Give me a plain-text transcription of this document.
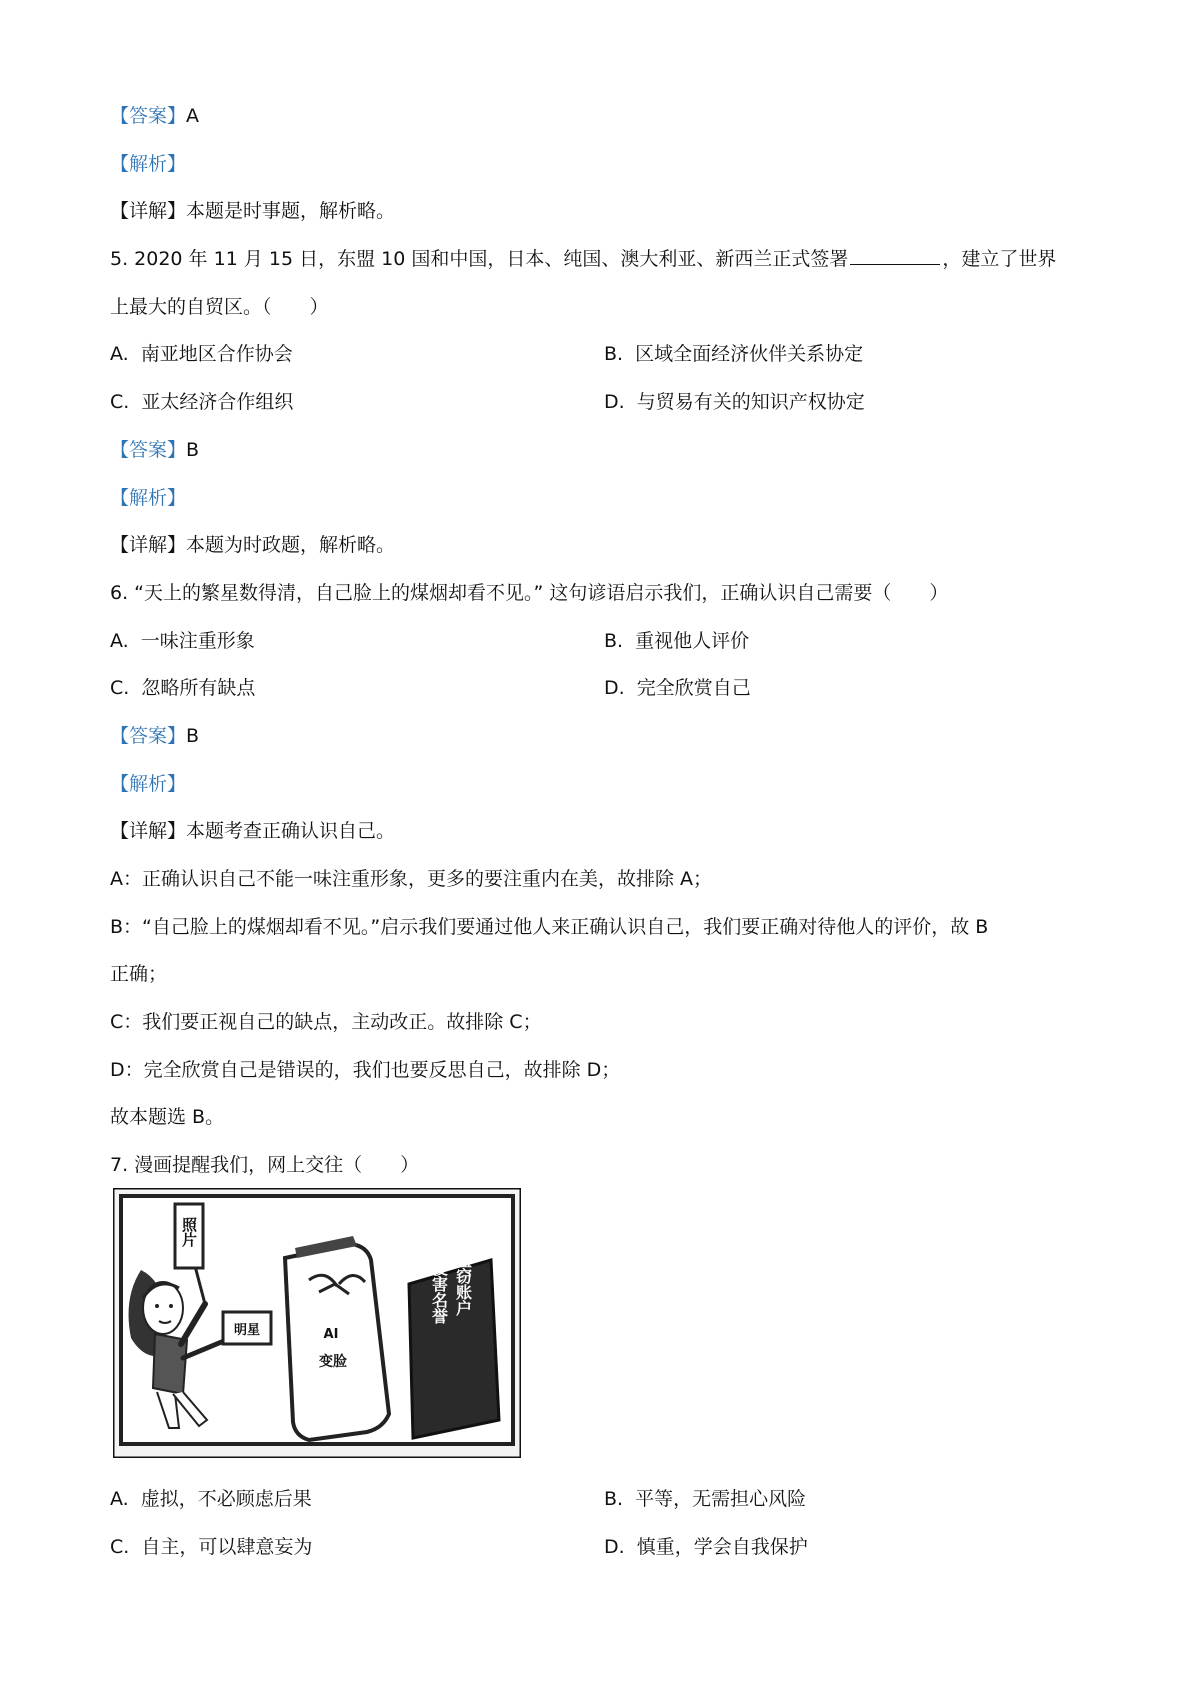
【答案】A
【解析】
【详解】本题是时事题，解析略。
5. 2020 年 11 月 15 日，东盟 10 国和中国，日本、纯国、澳大利亚、新西兰正式签署	，建立了世界
上最大的自贸区。（　　）
A. 南亚地区合作协会	B. 区域全面经济伙伴关系协定
C. 亚太经济合作组织	D. 与贸易有关的知识产权协定
【答案】B
【解析】
【详解】本题为时政题，解析略。
6. “天上的繁星数得清，自己脸上的煤烟却看不见。” 这句谚语启示我们，正确认识自己需要（　　）
A. 一味注重形象	B. 重视他人评价
C. 忽略所有缺点	D. 完全欣赏自己
【答案】B
【解析】
【详解】本题考查正确认识自己。
A：正确认识自己不能一味注重形象，更多的要注重内在美，故排除 A；
B：“自己脸上的煤烟却看不见。”启示我们要通过他人来正确认识自己，我们要正确对待他人的评价，故 B
正确；
C：我们要正视自己的缺点，主动改正。故排除 C；
D：完全欣赏自己是错误的，我们也要反思自己，故排除 D；
故本题选 B。
7. 漫画提醒我们，网上交往（　　）
照片
明星	AI
变脸
盗窃账户
侵害名誉
A. 虚拟，不必顾虑后果	B. 平等，无需担心风险
C. 自主，可以肆意妄为	D. 慎重，学会自我保护
